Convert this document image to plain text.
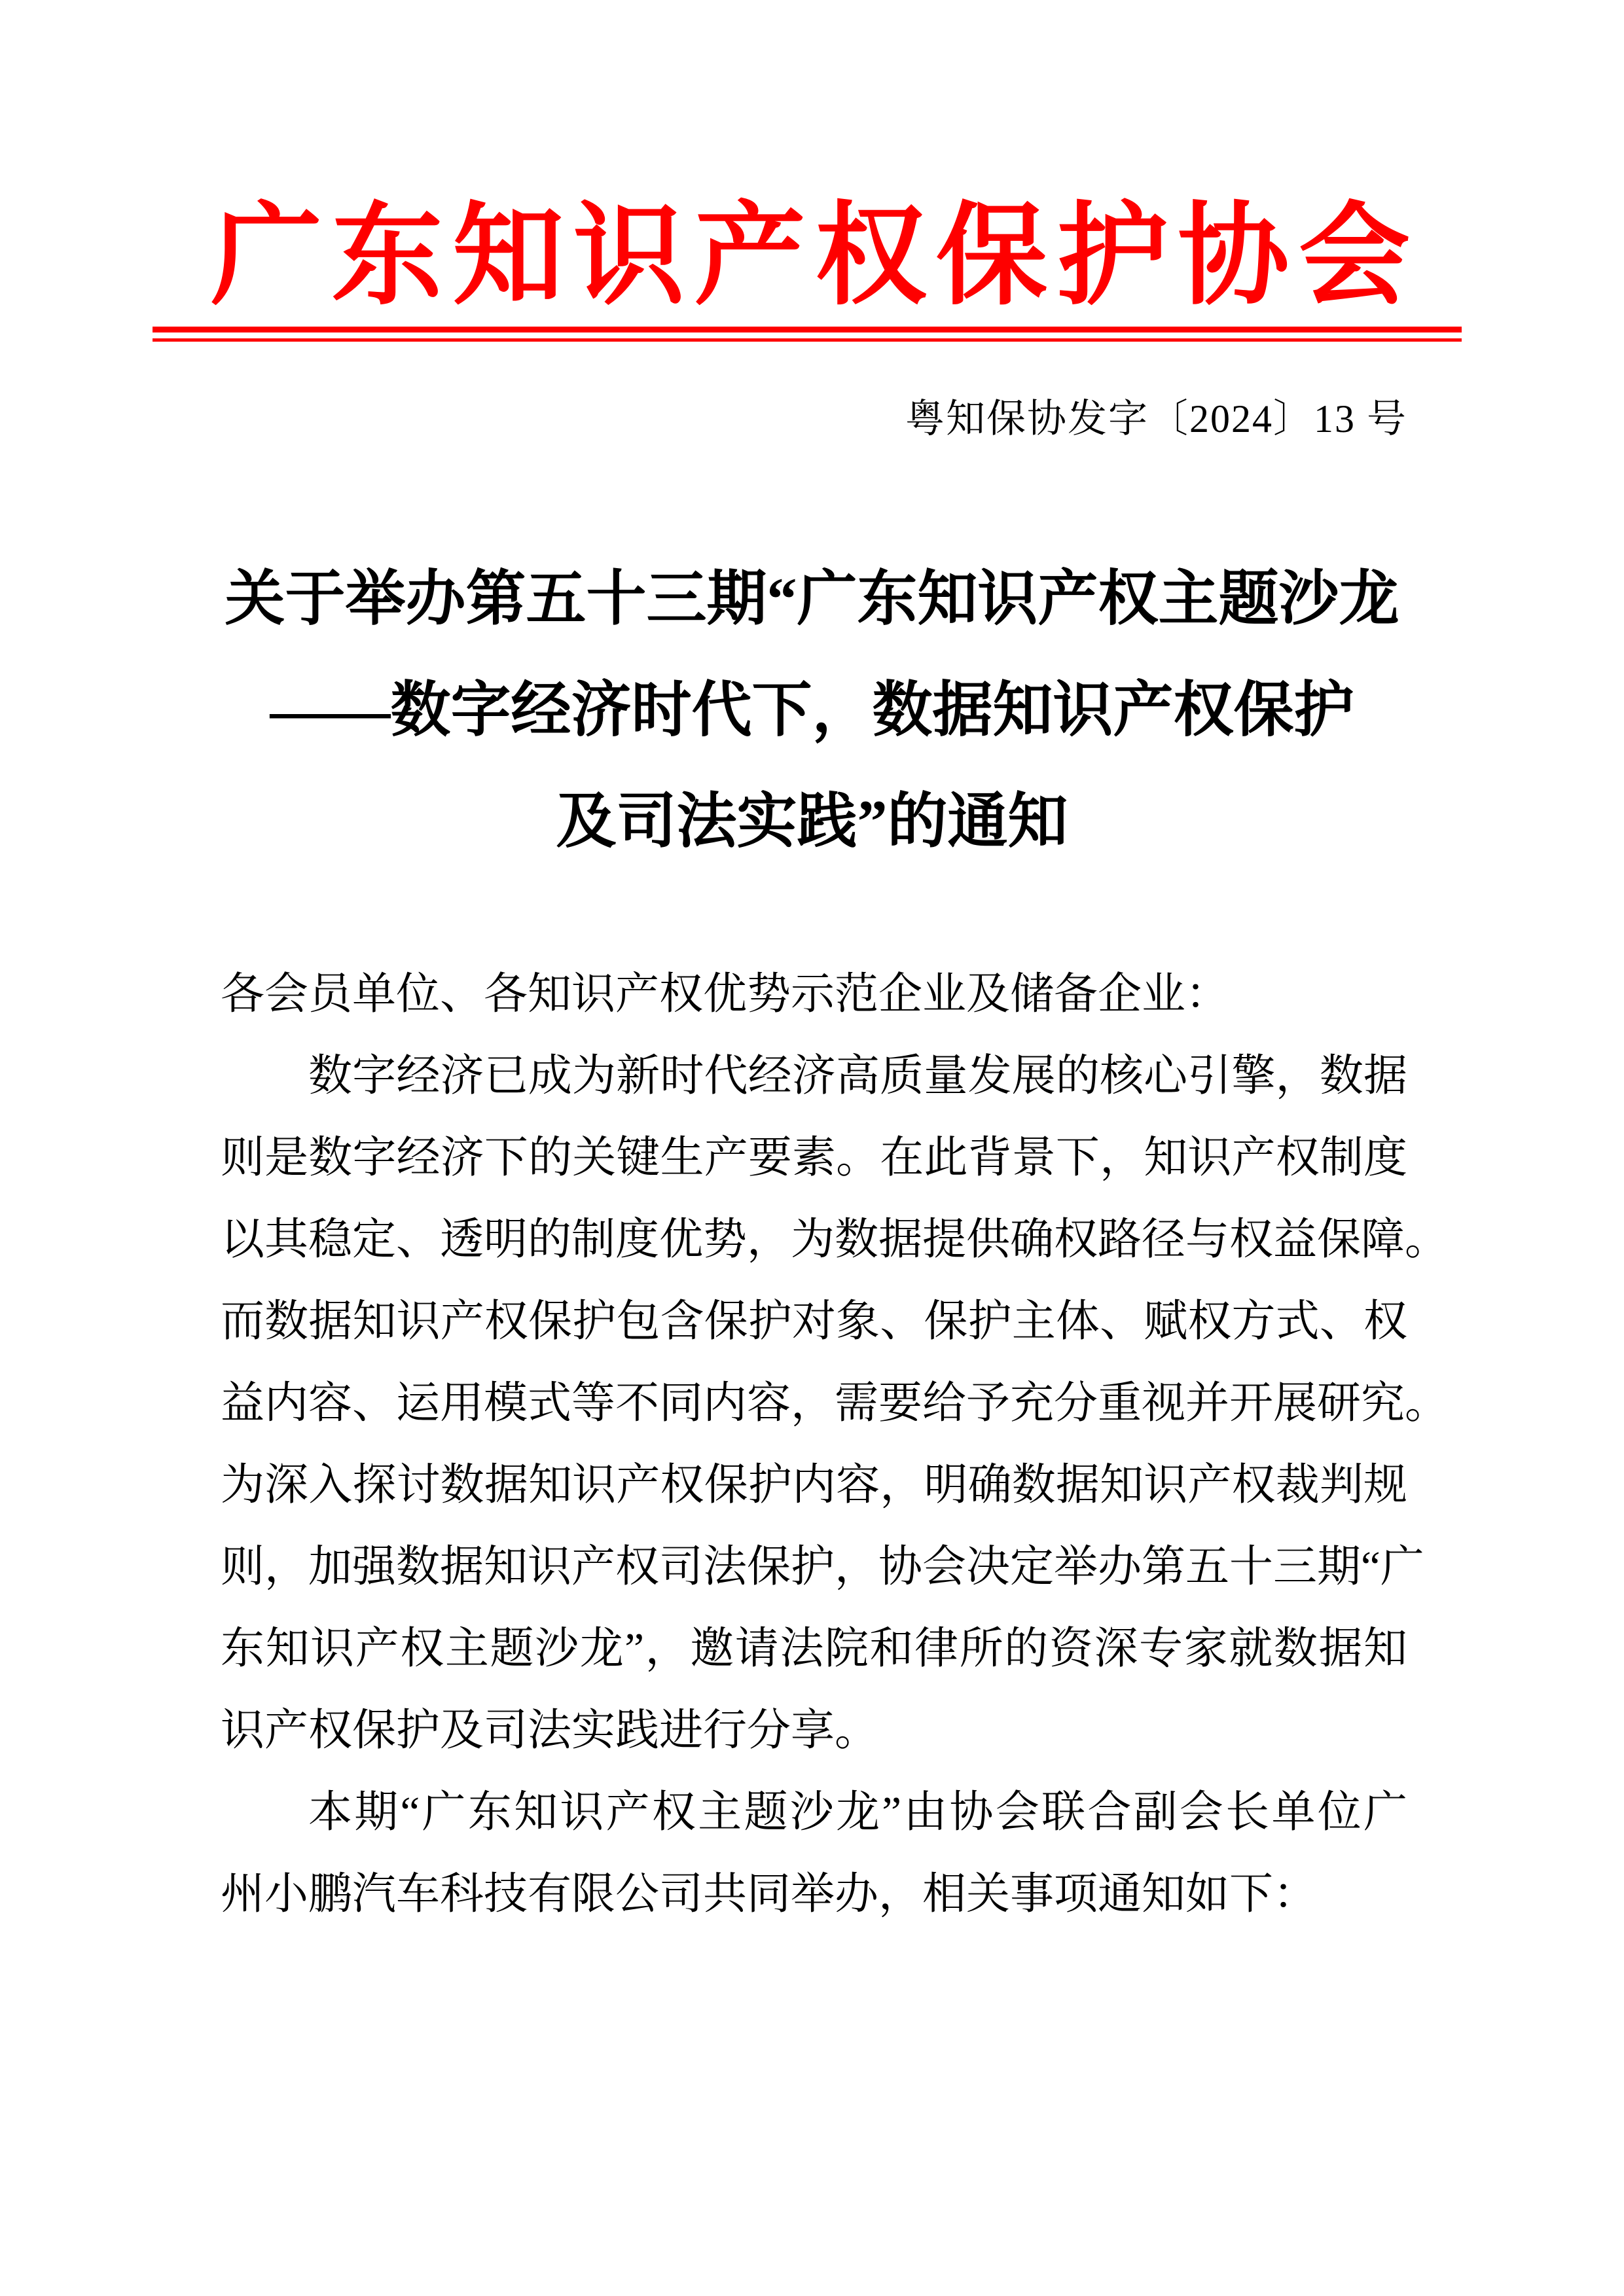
广东知识产权保护协会
粤知保协发字〔2024〕13 号
关于举办第五十三期“广东知识产权主题沙龙
——数字经济时代下，数据知识产权保护
及司法实践”的通知
各会员单位、各知识产权优势示范企业及储备企业：
数字经济已成为新时代经济高质量发展的核心引擎，数据
则是数字经济下的关键生产要素。在此背景下，知识产权制度
以其稳定、透明的制度优势，为数据提供确权路径与权益保障。
而数据知识产权保护包含保护对象、保护主体、赋权方式、权
益内容、运用模式等不同内容，需要给予充分重视并开展研究。
为深入探讨数据知识产权保护内容，明确数据知识产权裁判规
则，加强数据知识产权司法保护，协会决定举办第五十三期“广
东知识产权主题沙龙”，邀请法院和律所的资深专家就数据知
识产权保护及司法实践进行分享。
本期“广东知识产权主题沙龙”由协会联合副会长单位广
州小鹏汽车科技有限公司共同举办，相关事项通知如下：
